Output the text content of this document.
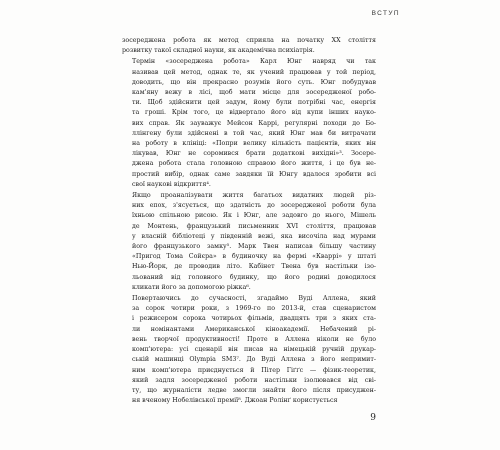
ВСТУП
зосереджена робота як метод сприяла на початку XX століття
розвитку такої складної науки, як академічна психіатрія.
Термін «зосереджена робота» Карл Юнг навряд чи так
називав цей метод, однак те, як учений працював у той період,
доводить, що він прекрасно розумів його суть. Юнг побудував
кам'яну вежу в лісі, щоб мати місце для зосередженої робо-
ти. Щоб здійснити цей задум, йому були потрібні час, енергія
та гроші. Крім того, це відвертало його від купи інших науко-
вих справ. Як зауважує Мейсон Каррі, регулярні походи до Бо-
ллінгену були здійснені в той час, який Юнг мав би витрачати
на роботу в клініці: «Попри велику кількість пацієнтів, яких він
лікував, Юнг не соромився брати додаткові вихідні»³. Зосере-
джена робота стала головною справою його життя, і це був не-
простий вибір, однак саме завдяки їй Юнгу вдалося зробити всі
свої наукові відкриття⁴.
Якщо проаналізувати життя багатьох видатних людей різ-
них епох, з'ясується, що здатність до зосередженої роботи була
їхньою спільною рисою. Як і Юнг, але задовго до нього, Мішель
де Монтень, французький письменник XVI століття, працював
у власній бібліотеці у південній вежі, яка височіла над мурами
його французького замку⁵. Марк Твен написав більшу частину
«Пригод Тома Сойєра» в будиночку на фермі «Кваррі» у штаті
Нью-Йорк, де проводив літо. Кабінет Твена був настільки ізо-
льований від головного будинку, що його родині доводилося
кликати його за допомогою ріжка⁶.
Повертаючись до сучасності, згадаймо Вуді Аллена, який
за сорок чотири роки, з 1969-го по 2013-й, став сценаристом
і режисером сорока чотирьох фільмів, двадцять три з яких ста-
ли номінантами Американської кіноакадемії. Небачений рі-
вень творчої продуктивності! Проте в Аллена ніколи не було
комп'ютера: усі сценарії він писав на німецькій ручній друкар-
ській машинці Olympia SM3⁷. До Вуді Аллена з його непримит-
ним комп'ютера приєднується й Пітер Гіґґс — фізик-теоретик,
який задля зосередженої роботи настільки ізолювався від сві-
ту, що журналісти ледве змогли знайти його після присуджен-
ня вченому Нобелівської премії⁸. Джоан Ролінґ користується
9
